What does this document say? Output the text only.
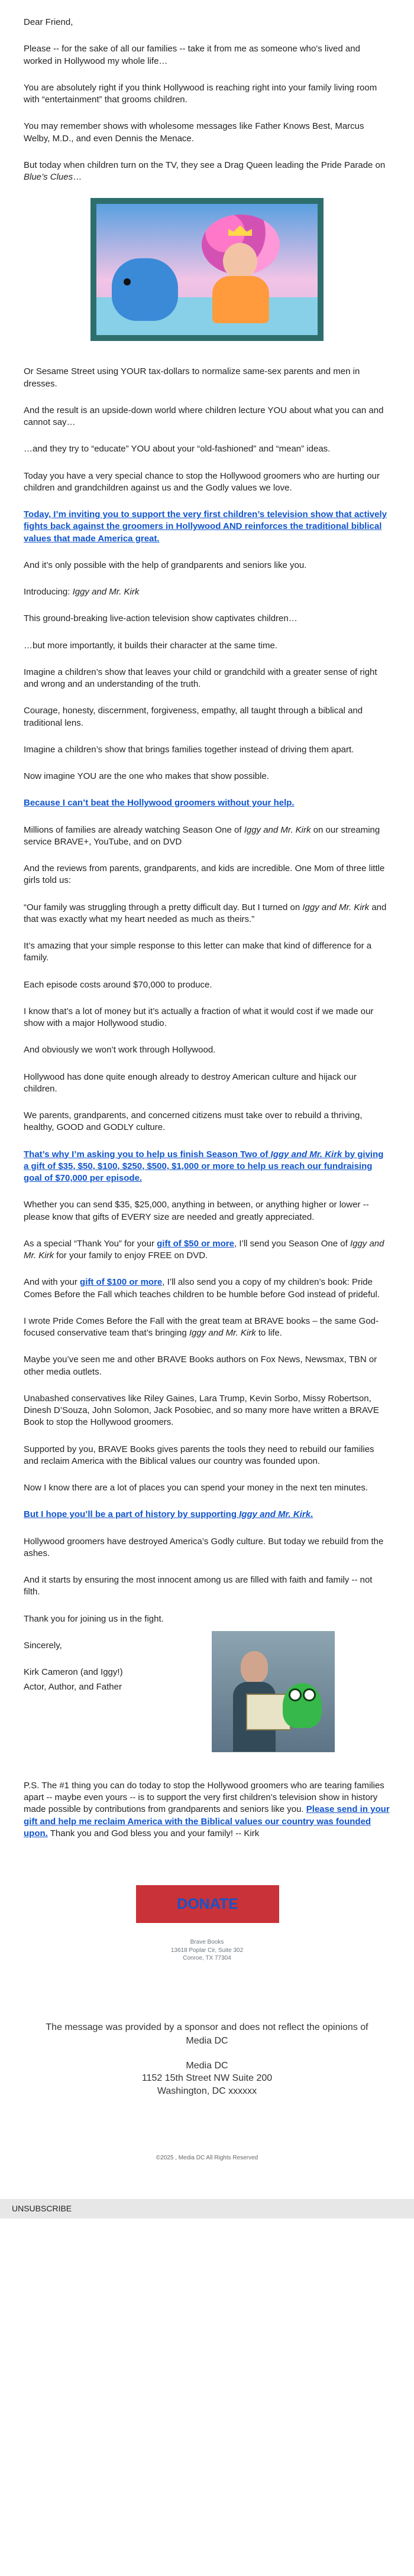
Dear Friend,

Please -- for the sake of all our families -- take it from me as someone who's lived and worked in Hollywood my whole life…

You are absolutely right if you think Hollywood is reaching right into your family living room with “entertainment” that grooms children.

You may remember shows with wholesome messages like Father Knows Best, Marcus Welby, M.D., and even Dennis the Menace.

But today when children turn on the TV, they see a Drag Queen leading the Pride Parade on Blue’s Clues…

Or Sesame Street using YOUR tax-dollars to normalize same-sex parents and men in dresses.

And the result is an upside-down world where children lecture YOU about what you can and cannot say…

…and they try to “educate” YOU about your “old-fashioned” and “mean” ideas.

Today you have a very special chance to stop the Hollywood groomers who are hurting our children and grandchildren against us and the Godly values we love.

Today, I’m inviting you to support the very first children’s television show that actively fights back against the groomers in Hollywood AND reinforces the traditional biblical values that made America great.

And it’s only possible with the help of grandparents and seniors like you.

Introducing: Iggy and Mr. Kirk

This ground-breaking live-action television show captivates children…

…but more importantly, it builds their character at the same time.

Imagine a children’s show that leaves your child or grandchild with a greater sense of right and wrong and an understanding of the truth.

Courage, honesty, discernment, forgiveness, empathy, all taught through a biblical and traditional lens.

Imagine a children’s show that brings families together instead of driving them apart.

Now imagine YOU are the one who makes that show possible.

Because I can’t beat the Hollywood groomers without your help.

Millions of families are already watching Season One of Iggy and Mr. Kirk on our streaming service BRAVE+, YouTube, and on DVD

And the reviews from parents, grandparents, and kids are incredible. One Mom of three little girls told us:

“Our family was struggling through a pretty difficult day. But I turned on Iggy and Mr. Kirk and that was exactly what my heart needed as much as theirs.”

It’s amazing that your simple response to this letter can make that kind of difference for a family.

Each episode costs around $70,000 to produce.

I know that’s a lot of money but it’s actually a fraction of what it would cost if we made our show with a major Hollywood studio.

And obviously we won’t work through Hollywood.

Hollywood has done quite enough already to destroy American culture and hijack our children.

We parents, grandparents, and concerned citizens must take over to rebuild a thriving, healthy, GOOD and GODLY culture.

That’s why I’m asking you to help us finish Season Two of Iggy and Mr. Kirk by giving a gift of $35, $50, $100, $250, $500, $1,000 or more to help us reach our fundraising goal of $70,000 per episode.

Whether you can send $35, $25,000, anything in between, or anything higher or lower -- please know that gifts of EVERY size are needed and greatly appreciated.

As a special “Thank You” for your gift of $50 or more, I’ll send you Season One of Iggy and Mr. Kirk for your family to enjoy FREE on DVD.

And with your gift of $100 or more, I’ll also send you a copy of my children’s book: Pride Comes Before the Fall which teaches children to be humble before God instead of prideful.

I wrote Pride Comes Before the Fall with the great team at BRAVE books – the same God-focused conservative team that’s bringing Iggy and Mr. Kirk to life.

Maybe you’ve seen me and other BRAVE Books authors on Fox News, Newsmax, TBN or other media outlets.

Unabashed conservatives like Riley Gaines, Lara Trump, Kevin Sorbo, Missy Robertson, Dinesh D’Souza, John Solomon, Jack Posobiec, and so many more have written a BRAVE Book to stop the Hollywood groomers.

Supported by you, BRAVE Books gives parents the tools they need to rebuild our families and reclaim America with the Biblical values our country was founded upon.

Now I know there are a lot of places you can spend your money in the next ten minutes.

But I hope you’ll be a part of history by supporting Iggy and Mr. Kirk.

Hollywood groomers have destroyed America’s Godly culture. But today we rebuild from the ashes.

And it starts by ensuring the most innocent among us are filled with faith and family -- not filth.

Thank you for joining us in the fight.

Sincerely,

Kirk Cameron (and Iggy!)

Actor, Author, and Father

P.S. The #1 thing you can do today to stop the Hollywood groomers who are tearing families apart -- maybe even yours -- is to support the very first children’s television show in history made possible by contributions from grandparents and seniors like you. Please send in your gift and help me reclaim America with the Biblical values our country was founded upon. Thank you and God bless you and your family! -- Kirk

DONATE
Brave Books
13618 Poplar Cir, Suite 302
Conroe, TX 77304
The message was provided by a sponsor and does not reflect the opinions of Media DC

Media DC

1152 15th Street NW Suite 200

Washington, DC xxxxxx

©2025 , Media DC All Rights Reserved
UNSUBSCRIBE
